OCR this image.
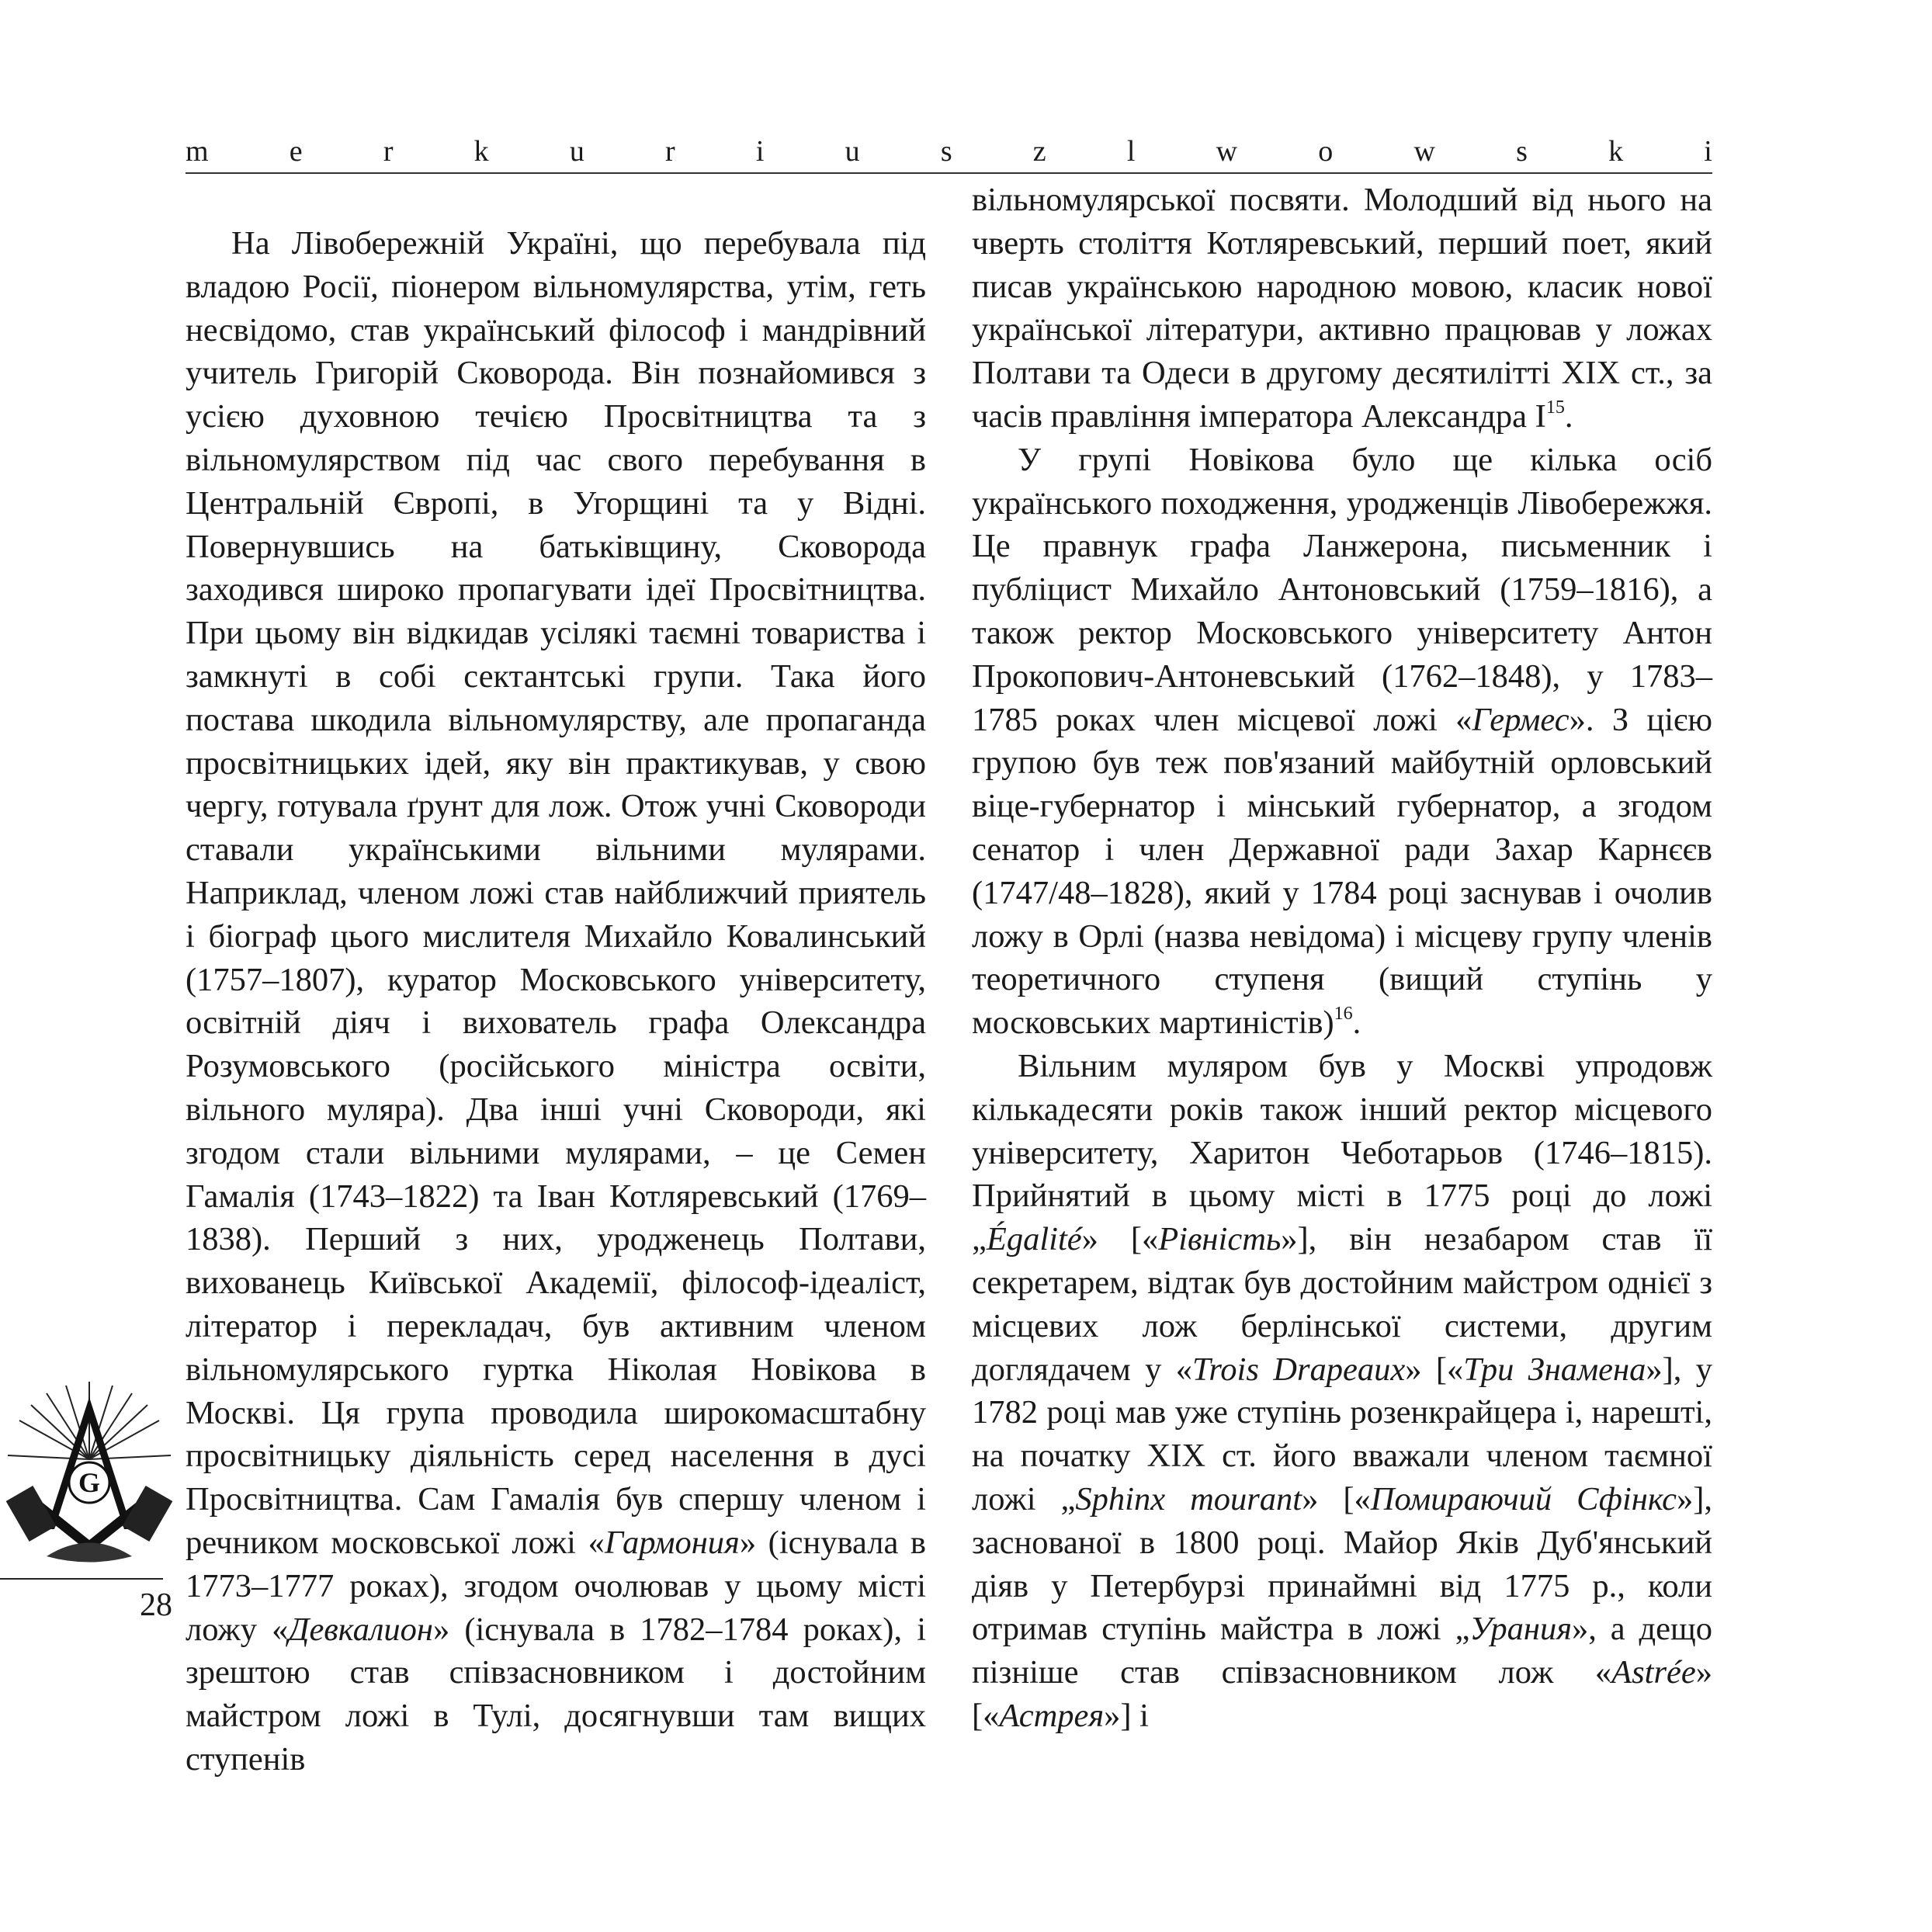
m	e	r	k	u	r	i	u	s	z	l	w	o	w	s	k	i

На Лівобережній Україні, що перебувала під владою Росії, піонером вільномулярства, утім, геть несвідомо, став український філософ і мандрівний учитель Григорій Сковорода. Він познайомився з усією духовною течією Просвітництва та з вільномулярством під час свого перебування в Центральній Європі, в Угорщині та у Відні. Повернувшись на батьківщину, Сковорода заходився широко пропагувати ідеї Просвітництва. При цьому він відкидав усілякі таємні товариства і замкнуті в собі сектантські групи. Така його постава шкодила вільномулярству, але пропаганда просвітницьких ідей, яку він практикував, у свою чергу, готувала ґрунт для лож. Отож учні Сковороди ставали українськими вільними мулярами. Наприклад, членом ложі став найближчий приятель і біограф цього мислителя Михайло Ковалинський (1757–1807), куратор Московського університету, освітній діяч і вихователь графа Олександра Розумовського (російського міністра освіти, вільного муляра). Два інші учні Сковороди, які згодом стали вільними мулярами, – це Семен Гамалія (1743–1822) та Іван Котляревський (1769–1838). Перший з них, уродженець Полтави, вихованець Київської Академії, філософ-ідеаліст, літератор і перекладач, був активним членом вільномулярського гуртка Ніколая Новікова в Москві. Ця група проводила широкомасштабну просвітницьку діяльність серед населення в дусі Просвітництва. Сам Гамалія був спершу членом і речником московської ложі «Гармония» (існувала в 1773–1777 роках), згодом очолював у цьому місті ложу «Девкалион» (існувала в 1782–1784 роках), і зрештою став співзасновником і достойним майстром ложі в Тулі, досягнувши там вищих ступенів

вільномулярської посвяти. Молодший від нього на чверть століття Котляревський, перший поет, який писав українською народною мовою, класик нової української літератури, активно працював у ложах Полтави та Одеси в другому десятилітті XIX ст., за часів правління імператора Александра $I^{15}$.

У групі Новікова було ще кілька осіб українського походження, уродженців Лівобережжя. Це правнук графа Ланжерона, письменник і публіцист Михайло Антоновський (1759–1816), а також ректор Московського університету Антон Прокопович-Антоневський (1762–1848), у 1783–1785 роках член місцевої ложі «Гермес». З цією групою був теж пов'язаний майбутній орловський віце-губернатор і мінський губернатор, а згодом сенатор і член Державної ради Захар Карнєєв (1747/48–1828), який у 1784 році заснував і очолив ложу в Орлі (назва невідома) і місцеву групу членів теоретичного ступеня (вищий ступінь у московських мартиністів)$^{16}$.

Вільним муляром був у Москві упродовж кількадесяти років також інший ректор місцевого університету, Харитон Чеботарьов (1746–1815). Прийнятий в цьому місті в 1775 році до ложі „Égalité» [«Рівність»], він незабаром став її секретарем, відтак був достойним майстром однієї з місцевих лож берлінської системи, другим доглядачем у «Trois Drapeaux» [«Три Знамена»], у 1782 році мав уже ступінь розенкрайцера і, нарешті, на початку XIX ст. його вважали членом таємної ложі „Sphinx mourant» [«Помираючий Сфінкс»], заснованої в 1800 році. Майор Яків Дуб'янський діяв у Петербурзі принаймні від 1775 р., коли отримав ступінь майстра в ложі „Урания», а дещо пізніше став співзасновником лож «Astrée» [«Астрея»] і

G
28
